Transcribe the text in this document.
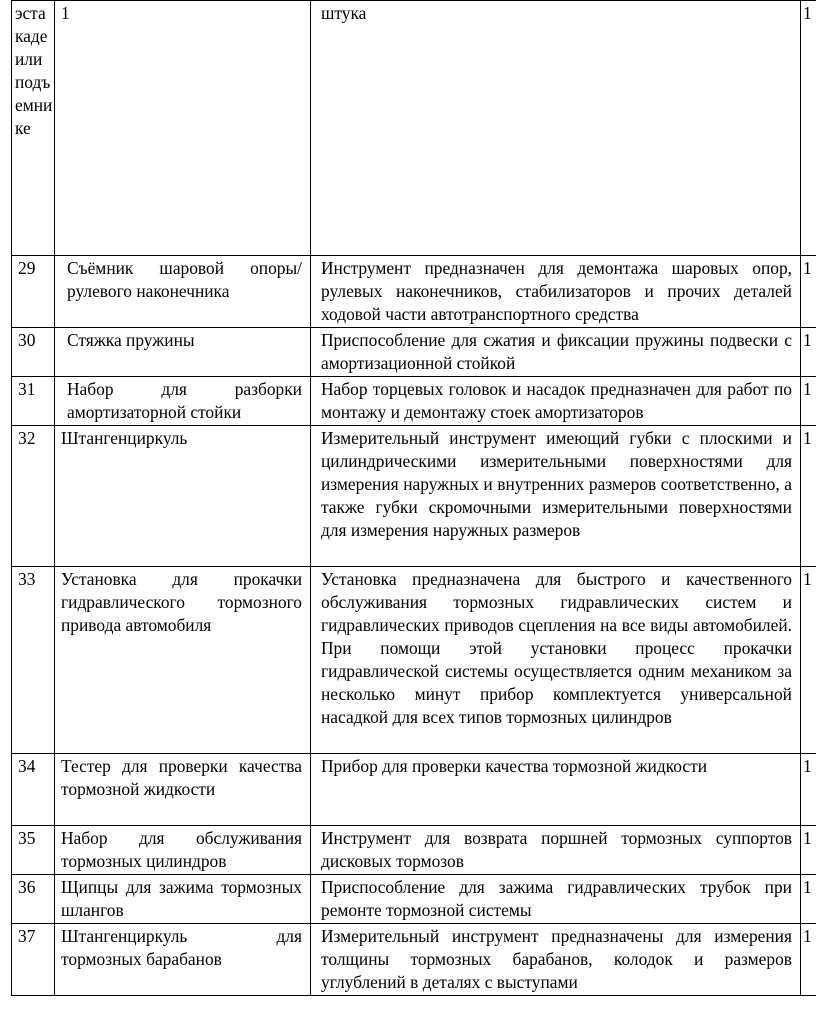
эстакаде или подъемнике	1	штука	1
29	Съёмник шаровой опоры/ рулевого наконечника	Инструмент предназначен для демонтажа шаровых опор, рулевых наконечников, стабилизаторов и прочих деталей ходовой части автотранспортного средства	1
30	Стяжка пружины	Приспособление для сжатия и фиксации пружины подвески с амортизационной стойкой	1
31	Набор для разборки амортизаторной стойки	Набор торцевых головок и насадок предназначен для работ по монтажу и демонтажу стоек амортизаторов	1
32	Штангенциркуль	Измерительный инструмент имеющий губки с плоскими и цилиндрическими измерительными поверхностями для измерения наружных и внутренних размеров соответственно, а также губки скромочными измерительными поверхностями для измерения наружных размеров	1
33	Установка для прокачки гидравлического тормозного привода автомобиля	Установка предназначена для быстрого и качественного обслуживания тормозных гидравлических систем и гидравлических приводов сцепления на все виды автомобилей. При помощи этой установки процесс прокачки гидравлической системы осуществляется одним механиком за несколько минут прибор комплектуется универсальной насадкой для всех типов тормозных цилиндров	1
34	Тестер для проверки качества тормозной жидкости	Прибор для проверки качества тормозной жидкости	1
35	Набор для обслуживания тормозных цилиндров	Инструмент для возврата поршней тормозных суппортов дисковых тормозов	1
36	Щипцы для зажима тормозных шлангов	Приспособление для зажима гидравлических трубок при ремонте тормозной системы	1
37	Штангенциркуль для тормозных барабанов	Измерительный инструмент предназначены для измерения толщины тормозных барабанов, колодок и размеров углублений в деталях с выступами	1
